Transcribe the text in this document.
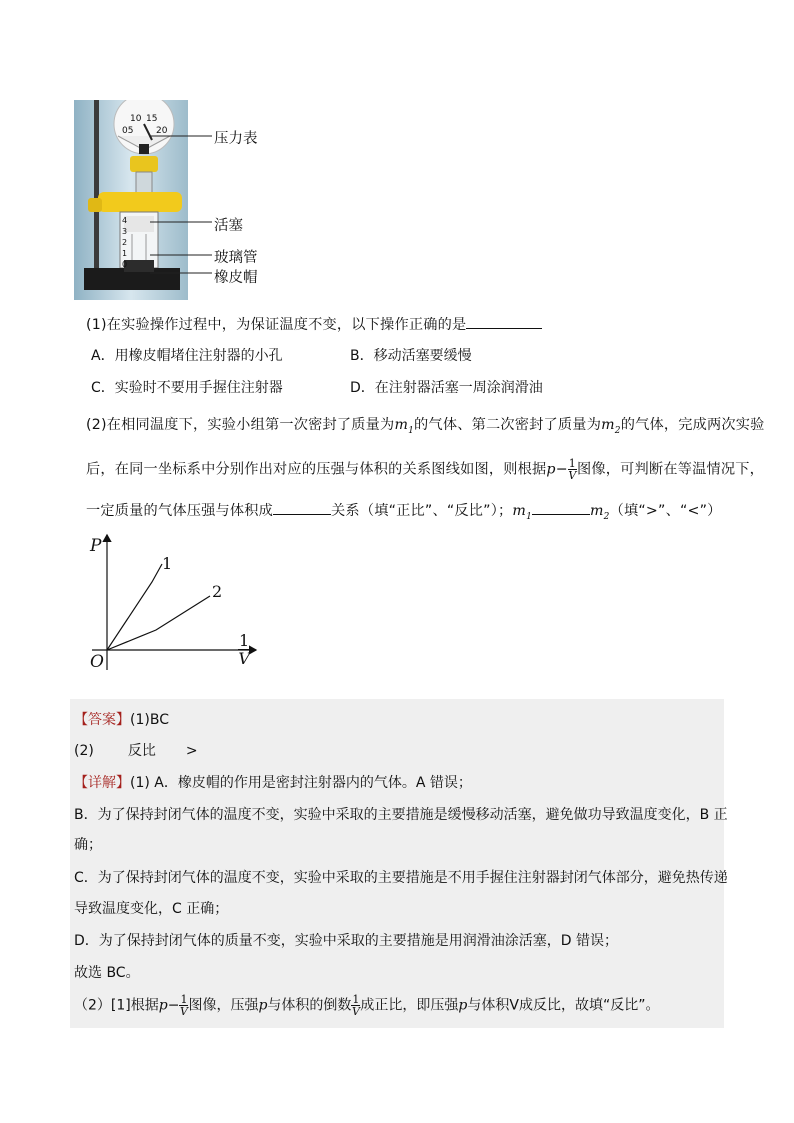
05
10 15
20
4
3
2
1
0
压力表
活塞
玻璃管
橡皮帽
(1)在实验操作过程中，为保证温度不变，以下操作正确的是
A．用橡皮帽堵住注射器的小孔	B．移动活塞要缓慢
C．实验时不要用手握住注射器	D．在注射器活塞一周涂润滑油
(2)在相同温度下，实验小组第一次密封了质量为$m_1$的气体、第二次密封了质量为$m_2$的气体，完成两次实验
后，在同一坐标系中分别作出对应的压强与体积的关系图线如图，则根据$p- \frac{1}{V}$ 图像，可判断在等温情况下，
一定质量的气体压强与体积成	关系（填“正比”、“反比”）；$m_1$	$m_2$（填“>”、“<”）
P
O
1
2
$\frac{1}{V}$
【答案】(1)BC
(2) 反比 >
【详解】(1) A．橡皮帽的作用是密封注射器内的气体。A 错误；
B．为了保持封闭气体的温度不变，实验中采取的主要措施是缓慢移动活塞，避免做功导致温度变化，B 正
确；
C．为了保持封闭气体的温度不变，实验中采取的主要措施是不用手握住注射器封闭气体部分，避免热传递
导致温度变化，C 正确；
D．为了保持封闭气体的质量不变，实验中采取的主要措施是用润滑油涂活塞，D 错误；
故选 BC。
（2）[1]根据$p- \frac{1}{V}$ 图像，压强p与体积的倒数 $\frac{1}{V}$ 成正比，即压强p与体积V成反比，故填“反比”。
